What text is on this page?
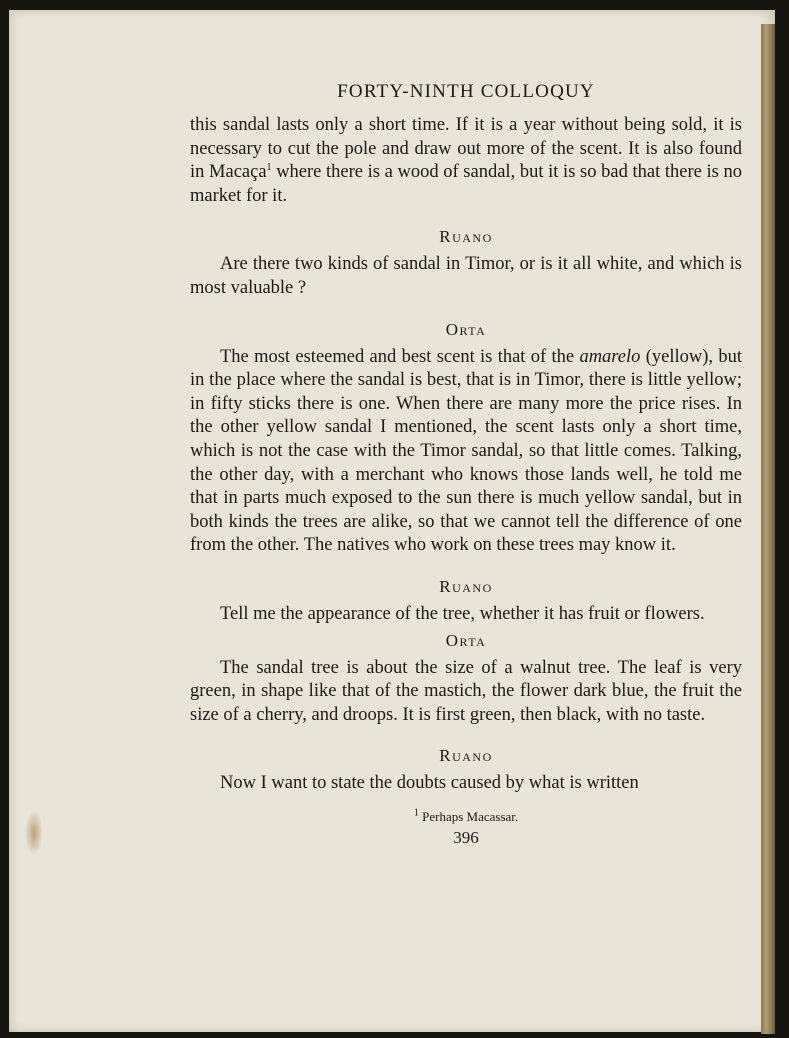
FORTY-NINTH COLLOQUY

this sandal lasts only a short time. If it is a year without being sold, it is necessary to cut the pole and draw out more of the scent. It is also found in Macaça$^1$ where there is a wood of sandal, but it is so bad that there is no market for it.

Ruano

Are there two kinds of sandal in Timor, or is it all white, and which is most valuable ?

Orta

The most esteemed and best scent is that of the amarelo (yellow), but in the place where the sandal is best, that is in Timor, there is little yellow; in fifty sticks there is one. When there are many more the price rises. In the other yellow sandal I mentioned, the scent lasts only a short time, which is not the case with the Timor sandal, so that little comes. Talking, the other day, with a merchant who knows those lands well, he told me that in parts much exposed to the sun there is much yellow sandal, but in both kinds the trees are alike, so that we cannot tell the difference of one from the other. The natives who work on these trees may know it.

Ruano

Tell me the appearance of the tree, whether it has fruit or flowers.

Orta

The sandal tree is about the size of a walnut tree. The leaf is very green, in shape like that of the mastich, the flower dark blue, the fruit the size of a cherry, and droops. It is first green, then black, with no taste.

Ruano

Now I want to state the doubts caused by what is written

$^1$ Perhaps Macassar.
396
